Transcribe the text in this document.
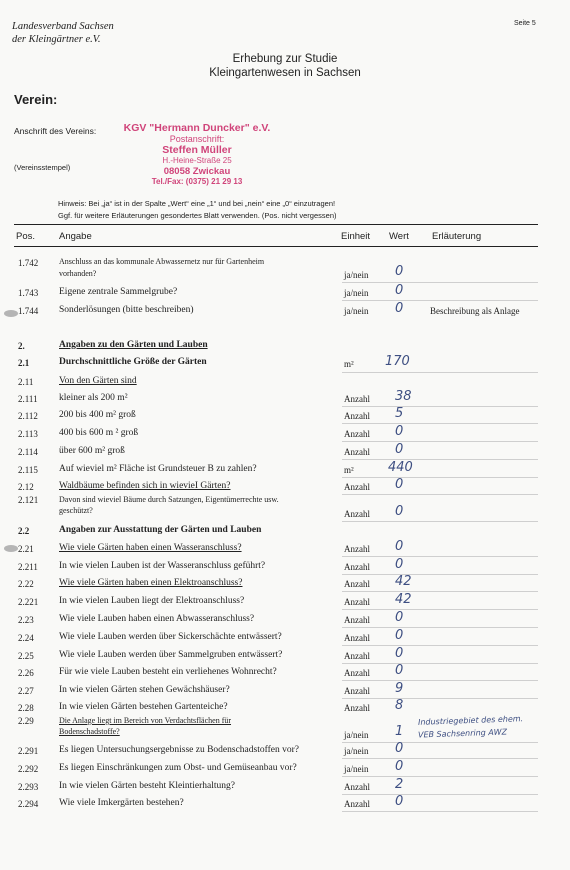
Landesverband Sachsen
der Kleingärtner e.V.
Seite 5
Erhebung zur Studie
Kleingartenwesen in Sachsen
Verein:
Anschrift des Vereins:
(Vereinsstempel)
KGV "Hermann Duncker" e.V.
Postanschrift:
Steffen Müller
H.-Heine-Straße 25
08058 Zwickau
Tel./Fax: (0375) 21 29 13
Hinweis: Bei „ja“ ist in der Spalte „Wert“ eine „1“ und bei „nein“ eine „0“ einzutragen!
Ggf. für weitere Erläuterungen gesondertes Blatt verwenden. (Pos. nicht vergessen)
Pos.	Angabe	Einheit Wert Erläuterung
1.742	Anschluss an das kommunale Abwassernetz nur für Gartenheim
vorhanden?	ja/nein 0
1.743 Eigene zentrale Sammelgrube?	ja/nein 0
1.744 Sonderlösungen (bitte beschreiben)	ja/nein 0	Beschreibung als Anlage
2.	Angaben zu den Gärten und Lauben
2.1	Durchschnittliche Größe der Gärten	m² 170
2.11	Von den Gärten sind
2.111 kleiner als 200 m²	Anzahl 38
2.112 200 bis 400 m² groß	Anzahl 5
2.113 400 bis 600 m ² groß	Anzahl 0
2.114 über 600 m² groß	Anzahl 0
2.115 Auf wieviel m² Fläche ist Grundsteuer B zu zahlen?	m²	440
2.12	Waldbäume befinden sich in wievieI Gärten?	Anzahl 0
2.121	Davon sind wieviel Bäume durch Satzungen, Eigentümerrechte usw.
geschützt?	Anzahl 0
2.2	Angaben zur Ausstattung der Gärten und Lauben
2.21	Wie viele Gärten haben einen Wasseranschluss?	Anzahl 0
2.211 In wie vielen Lauben ist der Wasseranschluss geführt?	Anzahl 0
2.22	Wie viele Gärten haben einen Elektroanschluss?	Anzahl 42
2.221 In wie vielen Lauben liegt der Elektroanschluss?	Anzahl 42
2.23	Wie viele Lauben haben einen Abwasseranschluss?	Anzahl 0
2.24	Wie viele Lauben werden über Sickerschächte entwässert?	Anzahl 0
2.25	Wie viele Lauben werden über Sammelgruben entwässert?	Anzahl 0
2.26	Für wie viele Lauben besteht ein verliehenes Wohnrecht?	Anzahl 0
2.27	In wie vielen Gärten stehen Gewächshäuser?	Anzahl 9
2.28	In wie vielen Gärten bestehen Gartenteiche?	Anzahl 8
2.29	Die Anlage liegt im Bereich von Verdachtsflächen für
Bodenschadstoffe?	ja/nein 1
Industriegebiet des ehem.
VEB Sachsenring AWZ
2.291 Es liegen Untersuchungsergebnisse zu Bodenschadstoffen vor?	ja/nein 0
2.292 Es liegen Einschränkungen zum Obst- und Gemüseanbau vor?	ja/nein 0
2.293 In wie vielen Gärten besteht Kleintierhaltung?	Anzahl 2
2.294 Wie viele Imkergärten bestehen?	Anzahl 0
